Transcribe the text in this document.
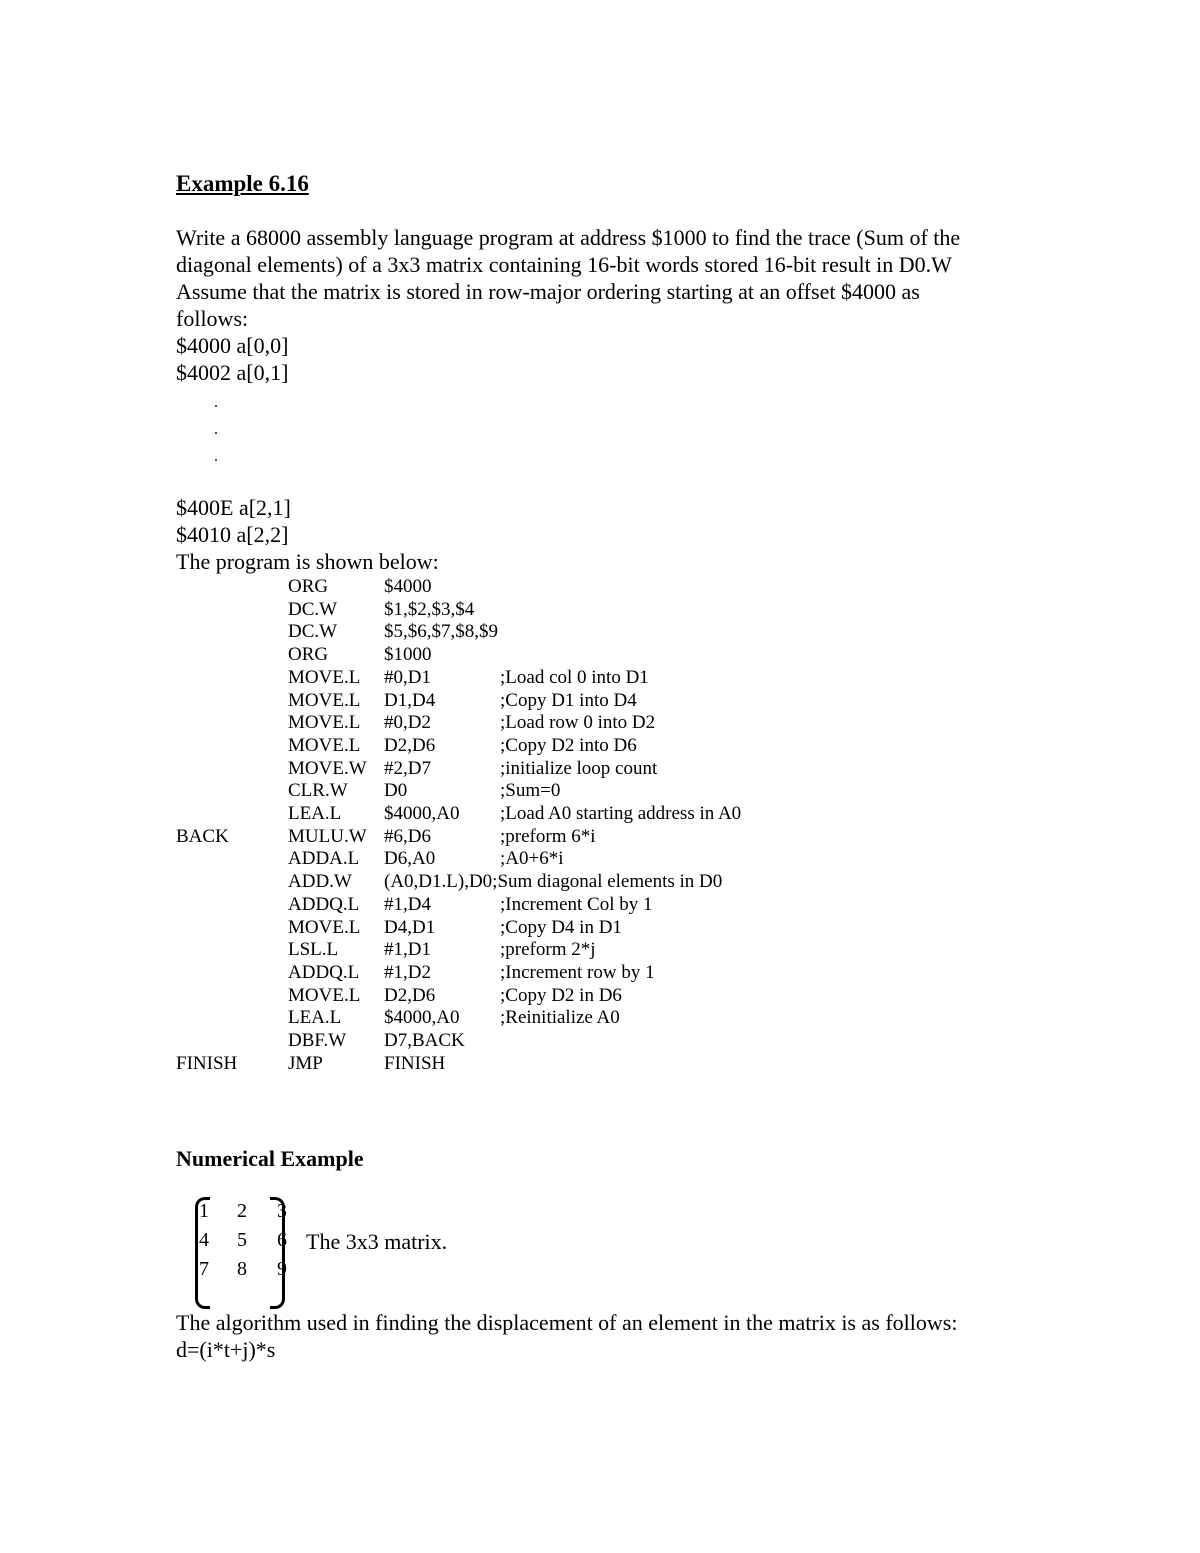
Example 6.16
Write a 68000 assembly language program at address $1000 to find the trace (Sum of the
diagonal elements) of a 3x3 matrix containing 16-bit words stored 16-bit result in D0.W
Assume that the matrix is stored in row-major ordering starting at an offset $4000 as
follows:
$4000 a[0,0]
$4002 a[0,1]
.
.
.
$400E a[2,1]
$4010 a[2,2]
The program is shown below:
ORG	$4000
DC.W $1,$2,$3,$4
DC.W $5,$6,$7,$8,$9
ORG	$1000
MOVE.L #0,D1	;Load col 0 into D1
MOVE.L D1,D4	;Copy D1 into D4
MOVE.L #0,D2	;Load row 0 into D2
MOVE.L D2,D6	;Copy D2 into D6
MOVE.W #2,D7	;initialize loop count
CLR.W D0	;Sum=0
LEA.L $4000,A0 ;Load A0 starting address in A0
BACK	MULU.W #6,D6	;preform 6*i
ADDA.L D6,A0	;A0+6*i
ADD.W (A0,D1.L),D0;Sum diagonal elements in D0
ADDQ.L #1,D4	;Increment Col by 1
MOVE.L D4,D1	;Copy D4 in D1
LSL.L #1,D1	;preform 2*j
ADDQ.L #1,D2	;Increment row by 1
MOVE.L D2,D6	;Copy D2 in D6
LEA.L $4000,A0 ;Reinitialize A0
DBF.W D7,BACK
FINISH	JMP	FINISH
Numerical Example
1 2 3
4 5 6
7 8 9
The 3x3 matrix.
The algorithm used in finding the displacement of an element in the matrix is as follows:
d=(i*t+j)*s
